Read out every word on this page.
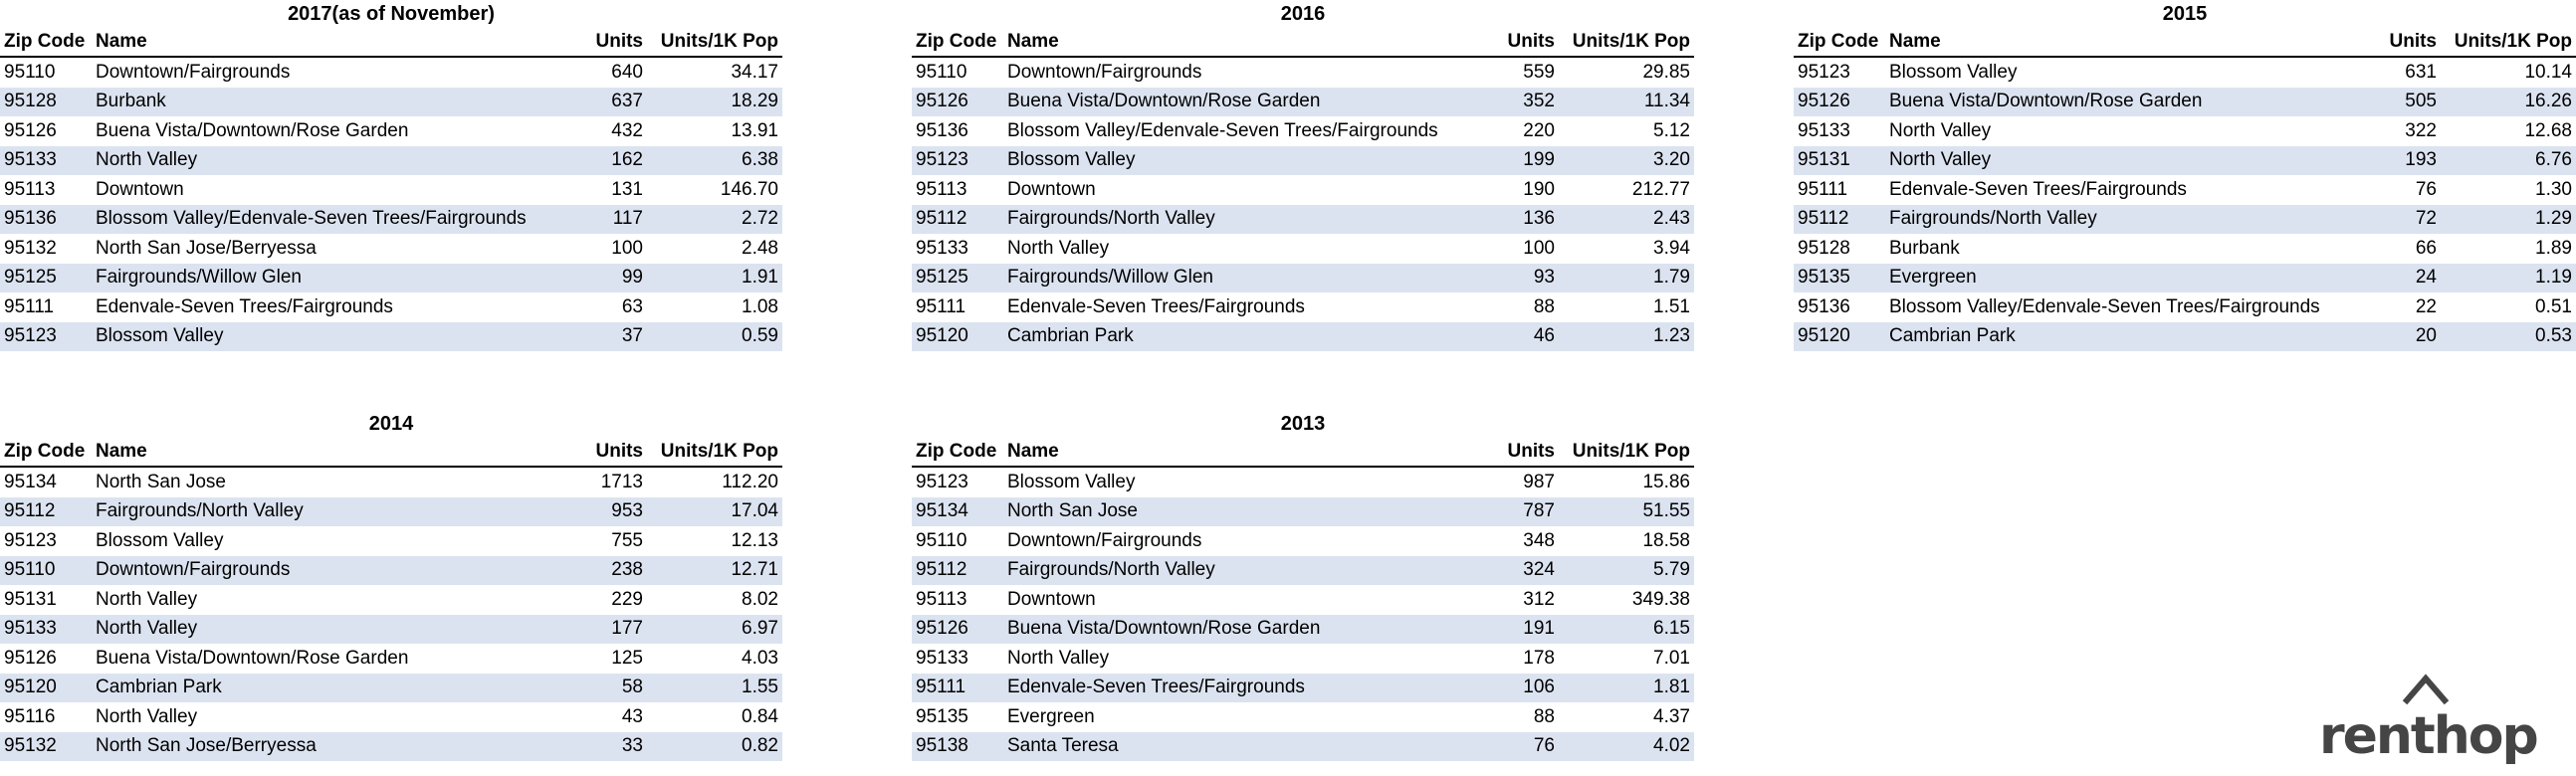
2017(as of November)
Zip Code	Name	Units	Units/1K Pop
95110	Downtown/Fairgrounds	640	34.17
95128	Burbank	637	18.29
95126	Buena Vista/Downtown/Rose Garden	432	13.91
95133	North Valley	162	6.38
95113	Downtown	131	146.70
95136	Blossom Valley/Edenvale-Seven Trees/Fairgrounds	117	2.72
95132	North San Jose/Berryessa	100	2.48
95125	Fairgrounds/Willow Glen	99	1.91
95111	Edenvale-Seven Trees/Fairgrounds	63	1.08
95123	Blossom Valley	37	0.59
2016
Zip Code	Name	Units	Units/1K Pop
95110	Downtown/Fairgrounds	559	29.85
95126	Buena Vista/Downtown/Rose Garden	352	11.34
95136	Blossom Valley/Edenvale-Seven Trees/Fairgrounds	220	5.12
95123	Blossom Valley	199	3.20
95113	Downtown	190	212.77
95112	Fairgrounds/North Valley	136	2.43
95133	North Valley	100	3.94
95125	Fairgrounds/Willow Glen	93	1.79
95111	Edenvale-Seven Trees/Fairgrounds	88	1.51
95120	Cambrian Park	46	1.23
2015
Zip Code	Name	Units	Units/1K Pop
95123	Blossom Valley	631	10.14
95126	Buena Vista/Downtown/Rose Garden	505	16.26
95133	North Valley	322	12.68
95131	North Valley	193	6.76
95111	Edenvale-Seven Trees/Fairgrounds	76	1.30
95112	Fairgrounds/North Valley	72	1.29
95128	Burbank	66	1.89
95135	Evergreen	24	1.19
95136	Blossom Valley/Edenvale-Seven Trees/Fairgrounds	22	0.51
95120	Cambrian Park	20	0.53
2014
Zip Code	Name	Units	Units/1K Pop
95134	North San Jose	1713	112.20
95112	Fairgrounds/North Valley	953	17.04
95123	Blossom Valley	755	12.13
95110	Downtown/Fairgrounds	238	12.71
95131	North Valley	229	8.02
95133	North Valley	177	6.97
95126	Buena Vista/Downtown/Rose Garden	125	4.03
95120	Cambrian Park	58	1.55
95116	North Valley	43	0.84
95132	North San Jose/Berryessa	33	0.82
2013
Zip Code	Name	Units	Units/1K Pop
95123	Blossom Valley	987	15.86
95134	North San Jose	787	51.55
95110	Downtown/Fairgrounds	348	18.58
95112	Fairgrounds/North Valley	324	5.79
95113	Downtown	312	349.38
95126	Buena Vista/Downtown/Rose Garden	191	6.15
95133	North Valley	178	7.01
95111	Edenvale-Seven Trees/Fairgrounds	106	1.81
95135	Evergreen	88	4.37
95138	Santa Teresa	76	4.02	renthop
